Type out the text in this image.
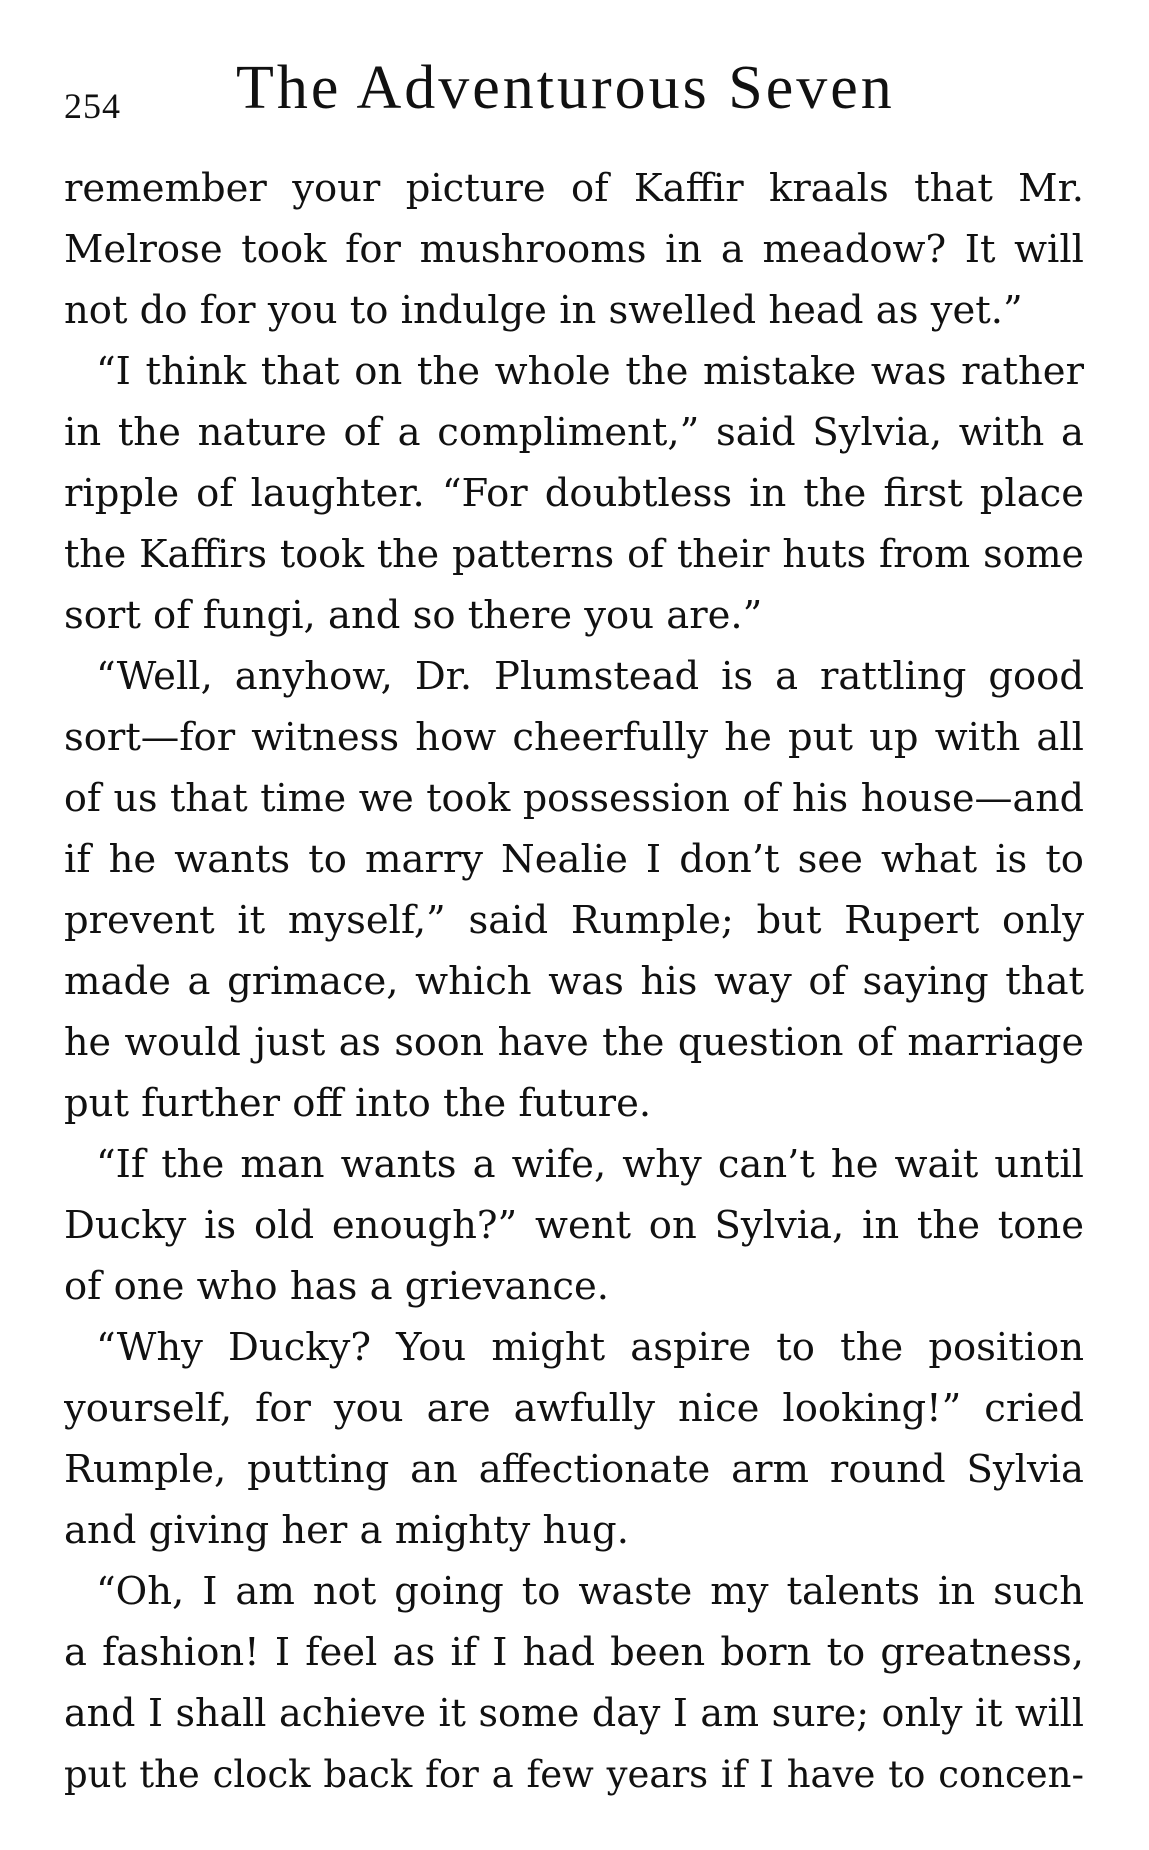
254 The Adventurous Seven
remember your picture of Kaffir kraals that Mr.
Melrose took for mushrooms in a meadow? It will
not do for you to indulge in swelled head as yet.”
“I think that on the whole the mistake was rather
in the nature of a compliment,” said Sylvia, with a
ripple of laughter. “For doubtless in the first place
the Kaffirs took the patterns of their huts from some
sort of fungi, and so there you are.”
“Well, anyhow, Dr. Plumstead is a rattling good
sort—for witness how cheerfully he put up with all
of us that time we took possession of his house—and
if he wants to marry Nealie I don’t see what is to
prevent it myself,” said Rumple; but Rupert only
made a grimace, which was his way of saying that
he would just as soon have the question of marriage
put further off into the future.
“If the man wants a wife, why can’t he wait until
Ducky is old enough?” went on Sylvia, in the tone
of one who has a grievance.
“Why Ducky? You might aspire to the position
yourself, for you are awfully nice looking!” cried
Rumple, putting an affectionate arm round Sylvia
and giving her a mighty hug.
“Oh, I am not going to waste my talents in such
a fashion! I feel as if I had been born to greatness,
and I shall achieve it some day I am sure; only it will
put the clock back for a few years if I have to concen-
